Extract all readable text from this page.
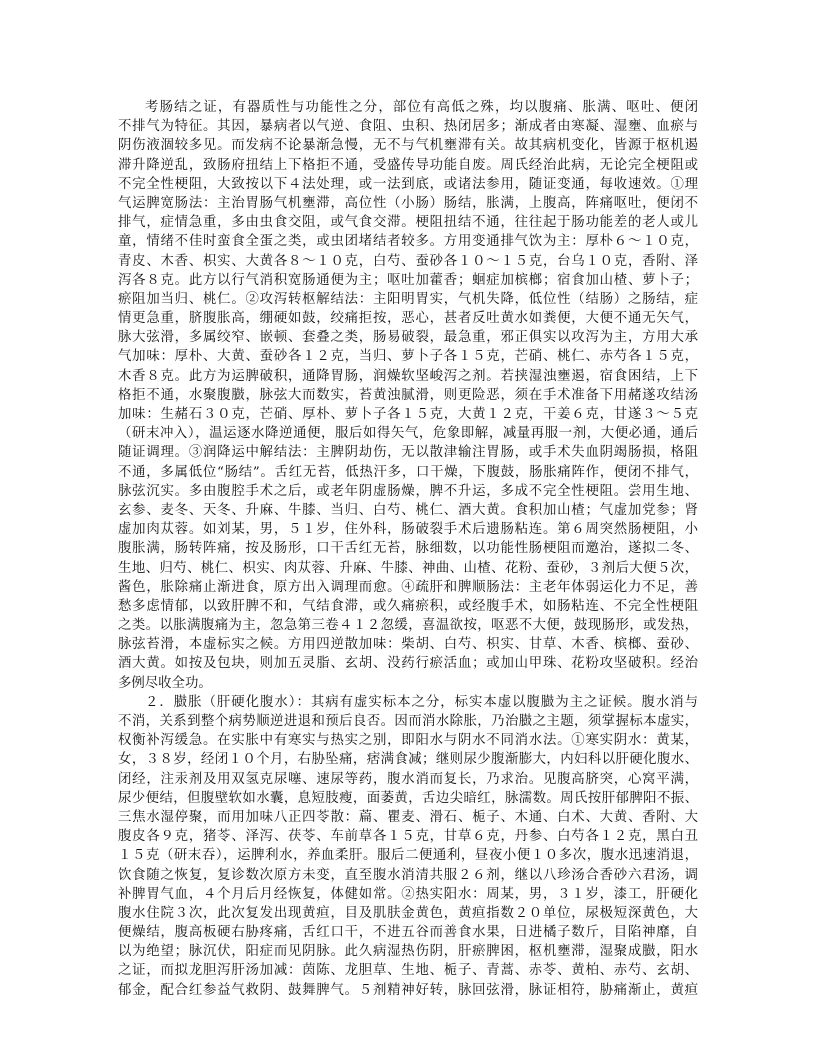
考肠结之证，有器质性与功能性之分，部位有高低之殊，均以腹痛、胀满、呕吐、便闭
不排气为特征。其因，暴病者以气逆、食阻、虫积、热闭居多；渐成者由寒凝、湿壅、血瘀与
阴伤液涸较多见。而发病不论暴渐急慢，无不与气机壅滞有关。故其病机变化，皆源于枢机遏
滞升降逆乱，致肠府扭结上下格拒不通，受盛传导功能自废。周氏经治此病，无论完全梗阻或
不完全性梗阻，大致按以下４法处理，或一法到底，或诸法参用，随证变通，每收速效。①理
气运脾宽肠法：主治胃肠气机壅滞，高位性（小肠）肠结，胀满，上腹高，阵痛呕吐，便闭不
排气，症情急重，多由虫食交阻，或气食交滞。梗阻扭结不通，往往起于肠功能差的老人或儿
童，情绪不佳时蛮食全蛋之类，或虫团堵结者较多。方用变通排气饮为主：厚朴６～１０克，
青皮、木香、枳实、大黄各８～１０克，白芍、蚕砂各１０～１５克，台乌１０克，香附、泽
泻各８克。此方以行气消积宽肠通便为主；呕吐加藿香；蛔症加槟榔；宿食加山楂、萝卜子；
瘀阻加当归、桃仁。②攻泻转枢解结法：主阳明胃实，气机失降，低位性（结肠）之肠结，症
情更急重，脐腹胀高，绷硬如鼓，绞痛拒按，恶心，甚者反吐黄水如粪便，大便不通无矢气，
脉大弦滑，多属绞窄、嵌顿、套叠之类，肠易破裂，最急重，邪正俱实以攻泻为主，方用大承
气加味：厚朴、大黄、蚕砂各１２克，当归、萝卜子各１５克，芒硝、桃仁、赤芍各１５克，
木香８克。此方为运脾破积，通降胃肠，润燥软坚峻泻之剂。若挟湿浊壅遏，宿食困结，上下
格拒不通，水聚腹臌，脉弦大而数实，苔黄浊腻滑，则更险恶，须在手术准备下用赭遂攻结汤
加味：生赭石３０克，芒硝、厚朴、萝卜子各１５克，大黄１２克，干姜６克，甘遂３～５克
（研末冲入），温运逐水降逆通便，服后如得矢气，危象即解，减量再服一剂，大便必通，通后
随证调理。③润降运中解结法：主脾阴劫伤，无以散津输注胃肠，或手术失血阴竭肠损，格阻
不通，多属低位“肠结”。舌红无苔，低热汗多，口干燥，下腹鼓，肠胀痛阵作，便闭不排气，
脉弦沉实。多由腹腔手术之后，或老年阴虚肠燥，脾不升运，多成不完全性梗阻。尝用生地、
玄参、麦冬、天冬、升麻、牛膝、当归、白芍、桃仁、酒大黄。食积加山楂；气虚加党参；肾
虚加肉苁蓉。如刘某，男，５１岁，住外科，肠破裂手术后遗肠粘连。第６周突然肠梗阻，小
腹胀满，肠转阵痛，按及肠形，口干舌红无苔，脉细数，以功能性肠梗阻而邀治，遂拟二冬、
生地、归芍、桃仁、枳实、肉苁蓉、升麻、牛膝、神曲、山楂、花粉、蚕砂，３剂后大便５次，
酱色，胀除痛止渐进食，原方出入调理而愈。④疏肝和脾顺肠法：主老年体弱运化力不足，善
愁多虑情郁，以致肝脾不和，气结食滞，或久痛瘀积，或经腹手术，如肠粘连、不完全性梗阻
之类。以胀满腹痛为主，忽急第三卷４１２忽缓，喜温欲按，呕恶不大便，鼓现肠形，或发热，
脉弦苔滑，本虚标实之候。方用四逆散加味：柴胡、白芍、枳实、甘草、木香、槟榔、蚕砂、
酒大黄。如按及包块，则加五灵脂、玄胡、没药行瘀活血；或加山甲珠、花粉攻坚破积。经治
多例尽收全功。
２．臌胀（肝硬化腹水）：其病有虚实标本之分，标实本虚以腹臌为主之证候。腹水消与
不消，关系到整个病势顺逆进退和预后良否。因而消水除胀，乃治臌之主题，须掌握标本虚实，
权衡补泻缓急。在实胀中有寒实与热实之别，即阳水与阴水不同消水法。①寒实阴水：黄某，
女，３８岁，经闭１０个月，右胁坠痛，痞满食减；继则尿少腹渐膨大，内妇科以肝硬化腹水、
闭经，注汞剂及用双氢克尿噻、速尿等药，腹水消而复长，乃求治。见腹高脐突，心窝平满，
尿少便结，但腹壁软如水囊，息短肢瘦，面萎黄，舌边尖暗红，脉濡数。周氏按肝郁脾阳不振、
三焦水湿停聚，而用加味八正四苓散：萹、瞿麦、滑石、栀子、木通、白术、大黄、香附、大
腹皮各９克，猪苓、泽泻、茯苓、车前草各１５克，甘草６克，丹参、白芍各１２克，黑白丑
１５克（研末吞），运脾利水，养血柔肝。服后二便通利，昼夜小便１０多次，腹水迅速消退，
饮食随之恢复，复诊数次原方未变，直至腹水消清共服２６剂，继以八珍汤合香砂六君汤，调
补脾胃气血，４个月后月经恢复，体健如常。②热实阳水：周某，男，３１岁，漆工，肝硬化
腹水住院３次，此次复发出现黄疸，目及肌肤金黄色，黄疸指数２０单位，尿极短深黄色，大
便燥结，腹高板硬右胁疼痛，舌红口干，不进五谷而善食水果，日进橘子数斤，目陷神靡，自
以为绝望；脉沉伏，阳症而见阴脉。此久病湿热伤阴，肝瘀脾困，枢机壅滞，湿聚成臌，阳水
之证，而拟龙胆泻肝汤加减：茵陈、龙胆草、生地、栀子、青蒿、赤苓、黄柏、赤芍、玄胡、
郁金，配合红参益气救阴、鼓舞脾气。５剂精神好转，脉回弦滑，脉证相符，胁痛渐止，黄疸
